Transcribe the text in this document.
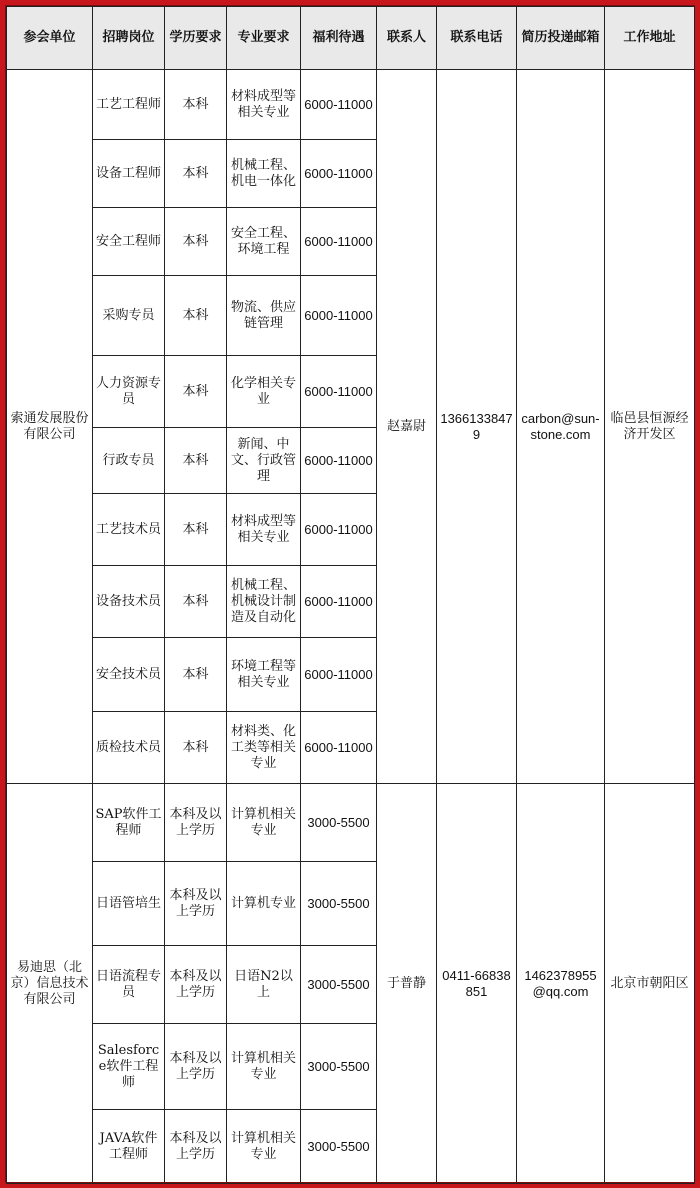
参会单位	招聘岗位	学历要求	专业要求	福利待遇	联系人	联系电话	简历投递邮箱	工作地址
索通发展股份有限公司	工艺工程师	本科	材料成型等相关专业	6000-11000	赵嘉尉	13661338479	carbon@sun-stone.com	临邑县恒源经济开发区
	设备工程师	本科	机械工程、机电一体化	6000-11000				
	安全工程师	本科	安全工程、环境工程	6000-11000				
	采购专员	本科	物流、供应链管理	6000-11000				
	人力资源专员	本科	化学相关专业	6000-11000				
	行政专员	本科	新闻、中文、行政管理	6000-11000				
	工艺技术员	本科	材料成型等相关专业	6000-11000				
	设备技术员	本科	机械工程、机械设计制造及自动化	6000-11000				
	安全技术员	本科	环境工程等相关专业	6000-11000				
	质检技术员	本科	材料类、化工类等相关专业	6000-11000				
易迪思（北京）信息技术有限公司	SAP软件工程师	本科及以上学历	计算机相关专业	3000-5500	于普静	0411-66838851	1462378955@qq.com	北京市朝阳区
	日语管培生	本科及以上学历	计算机专业	3000-5500				
	日语流程专员	本科及以上学历	日语N2以上	3000-5500				
	Salesforce软件工程师	本科及以上学历	计算机相关专业	3000-5500				
	JAVA软件工程师	本科及以上学历	计算机相关专业	3000-5500				
